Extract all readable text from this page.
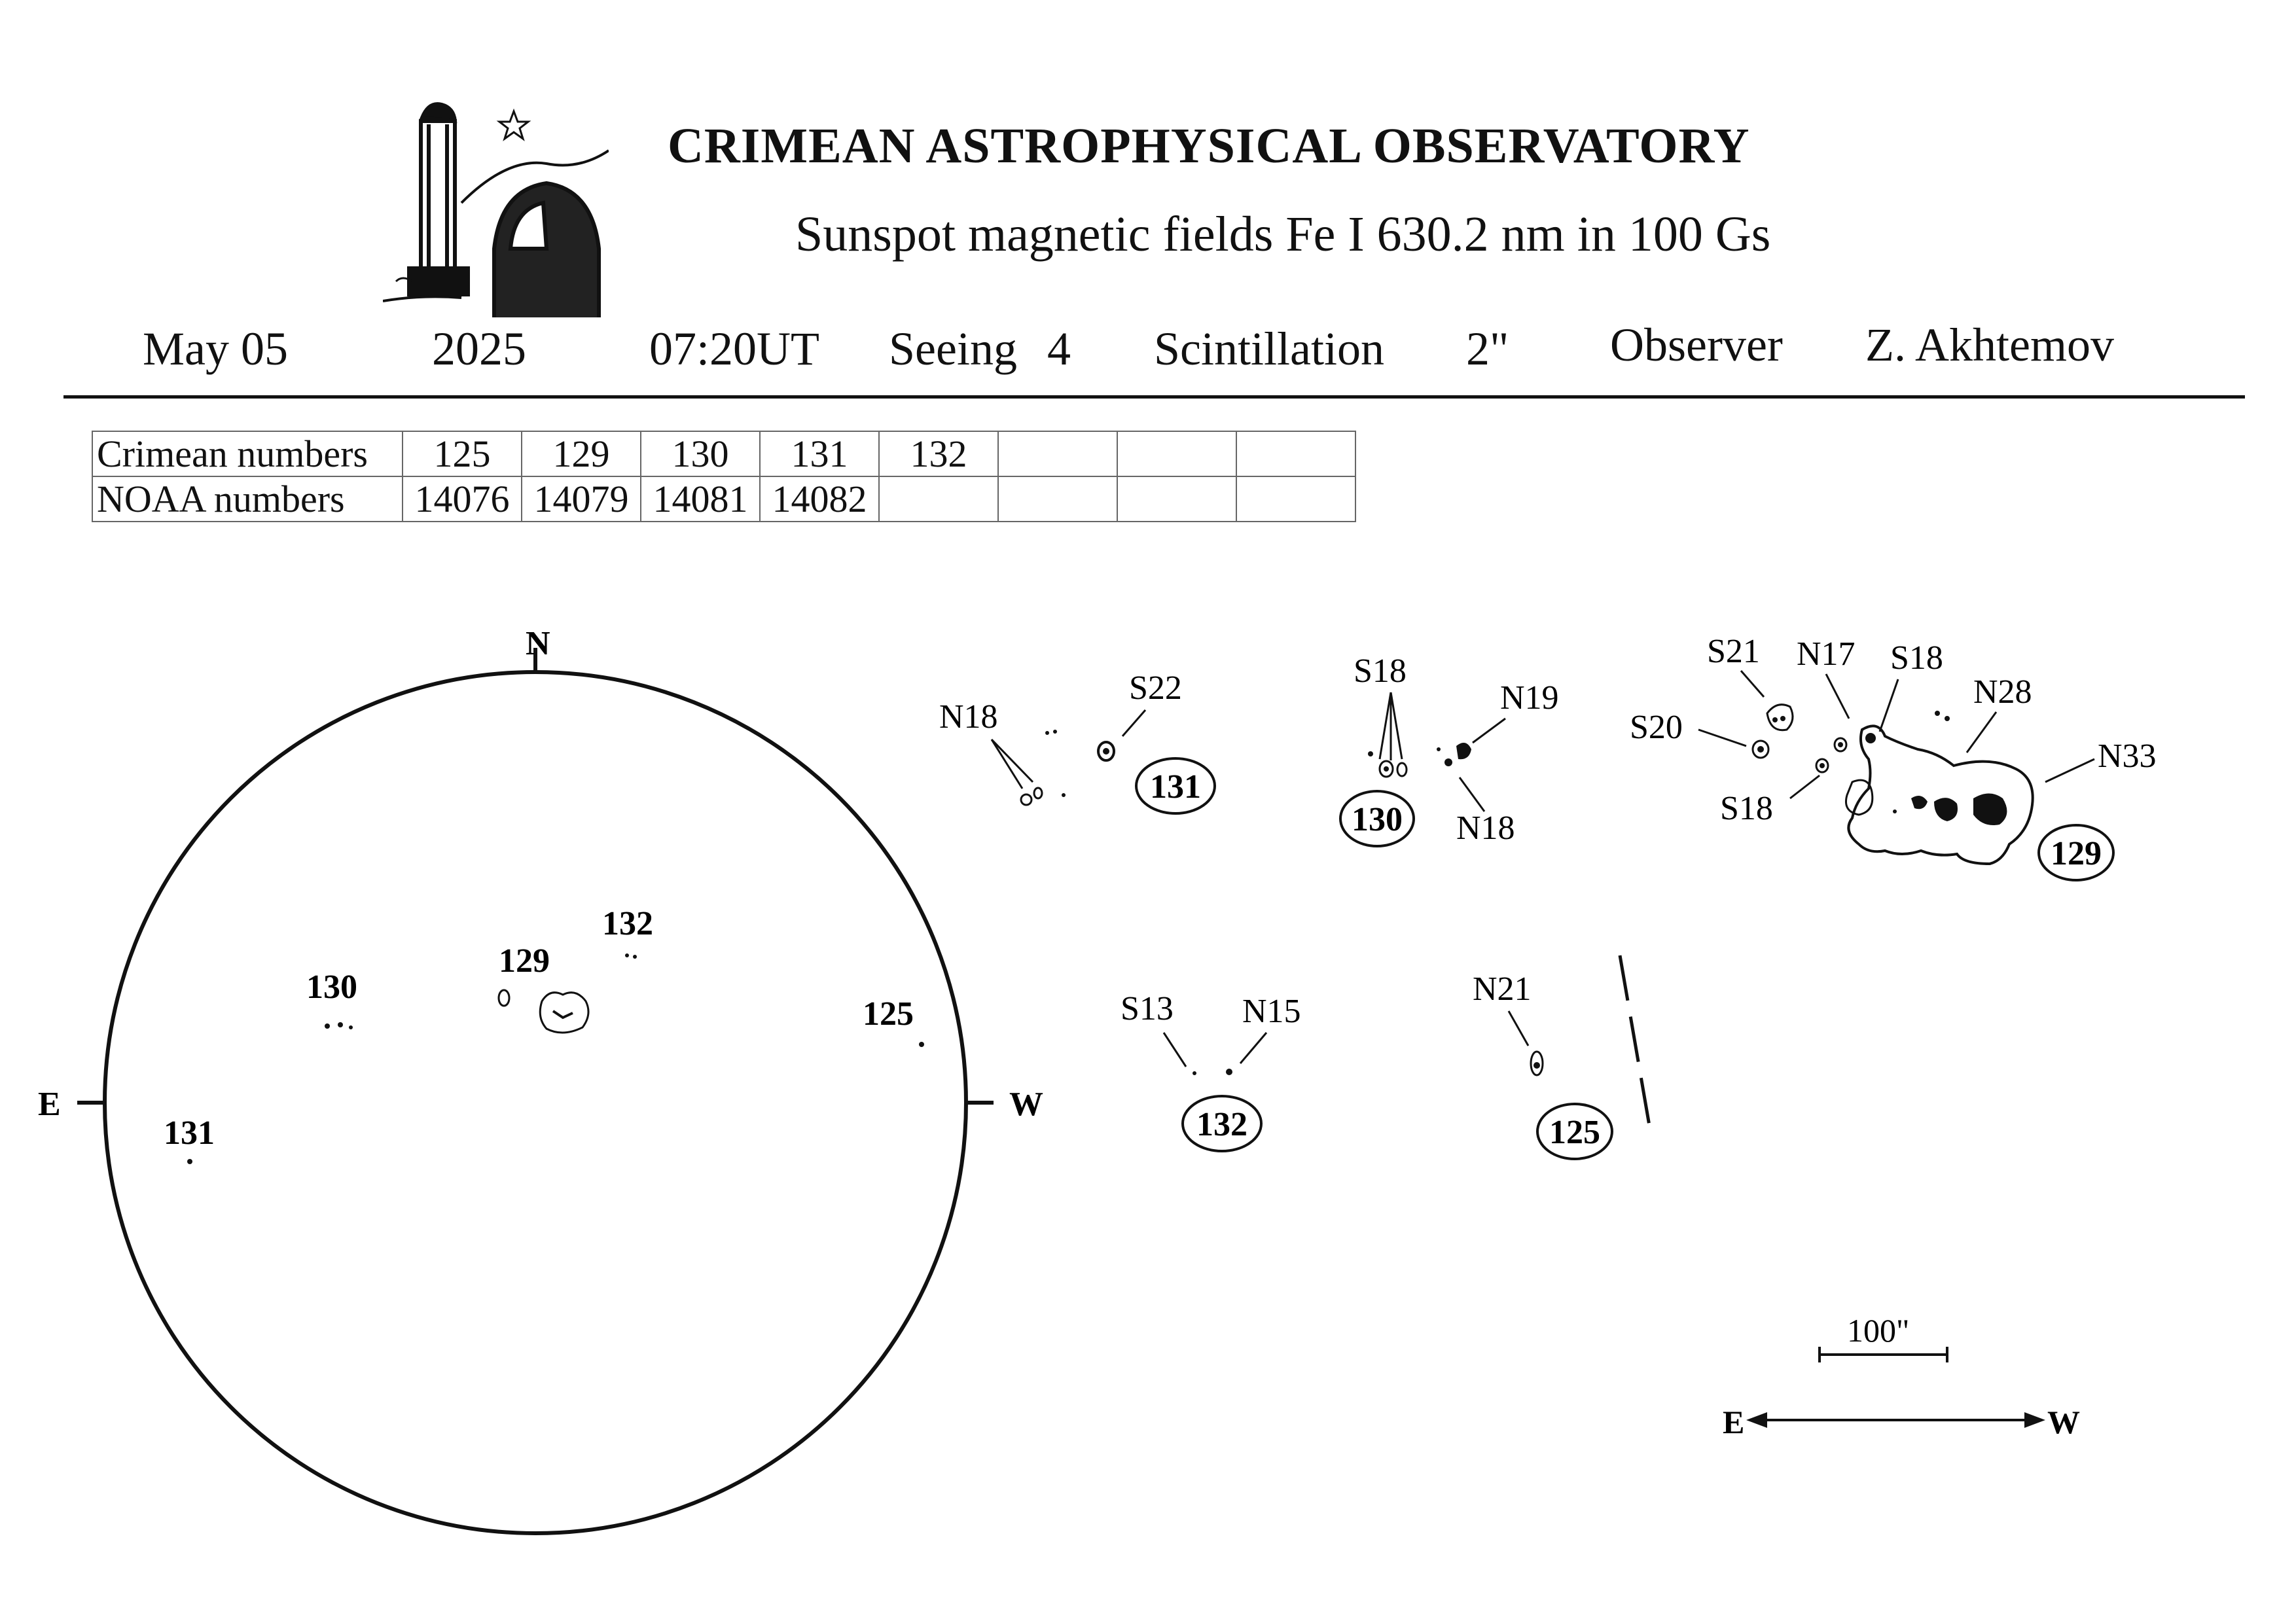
CRIMEAN ASTROPHYSICAL OBSERVATORY
Sunspot magnetic fields Fe I 630.2 nm in 100 Gs
May 05	2025	07:20UT Seeing 4 Scintillation 2" Observer Z. Akhtemov
Crimean numbers	125	129	130	131	132			
NOAA numbers	14076	14079	14081	14082				
N
E	W
130
129
132
125
131
N18
S22
131
S18
N19
N18
130
S21 N17 S18
N28
S20
N33
S18
129
S13 N15
132
N21
125
100"
E	W
